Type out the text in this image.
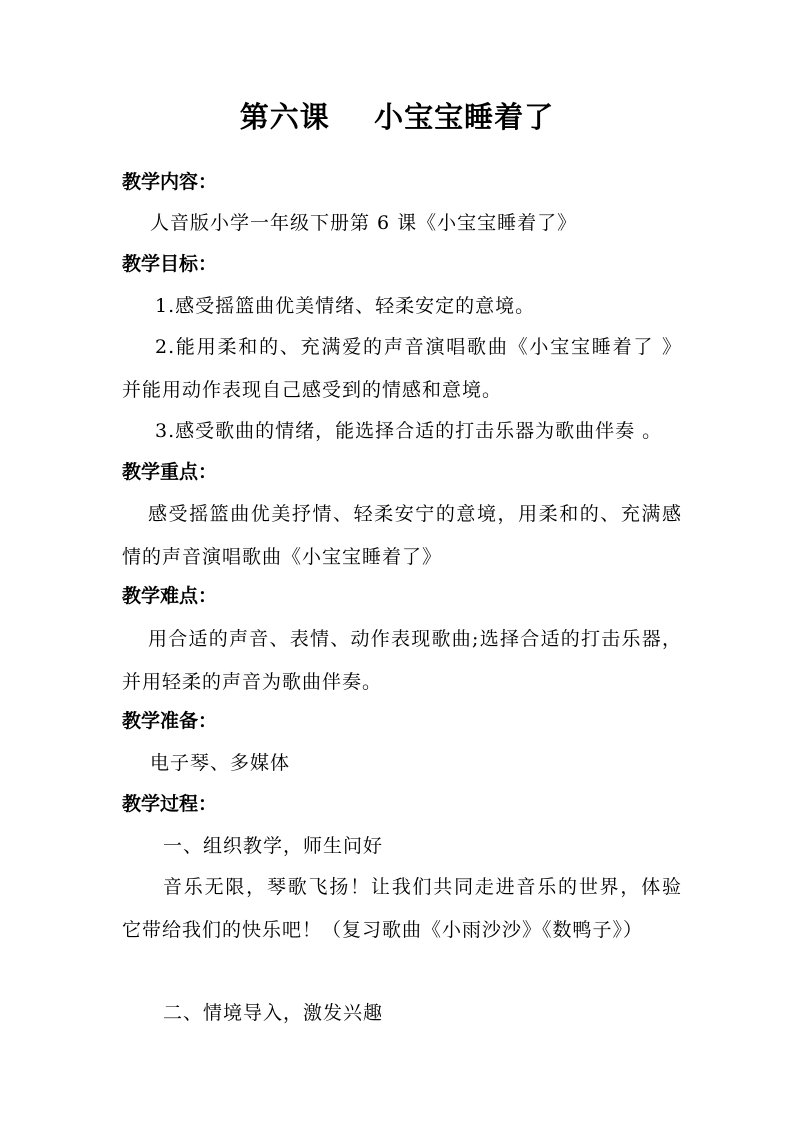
第六课    小宝宝睡着了
教学内容：
人音版小学一年级下册第 6 课《小宝宝睡着了》
教学目标：
1.感受摇篮曲优美情绪、轻柔安定的意境。
2.能用柔和的、充满爱的声音演唱歌曲《小宝宝睡着了 》并能用动作表现自己感受到的情感和意境。
3.感受歌曲的情绪，能选择合适的打击乐器为歌曲伴奏 。
教学重点：
感受摇篮曲优美抒情、轻柔安宁的意境，用柔和的、充满感情的声音演唱歌曲《小宝宝睡着了》
教学难点：
用合适的声音、表情、动作表现歌曲;选择合适的打击乐器，并用轻柔的声音为歌曲伴奏。
教学准备：
电子琴、多媒体
教学过程：
一、组织教学，师生问好
音乐无限，琴歌飞扬！让我们共同走进音乐的世界，体验它带给我们的快乐吧！（复习歌曲《小雨沙沙》《数鸭子》）
二、情境导入，激发兴趣
